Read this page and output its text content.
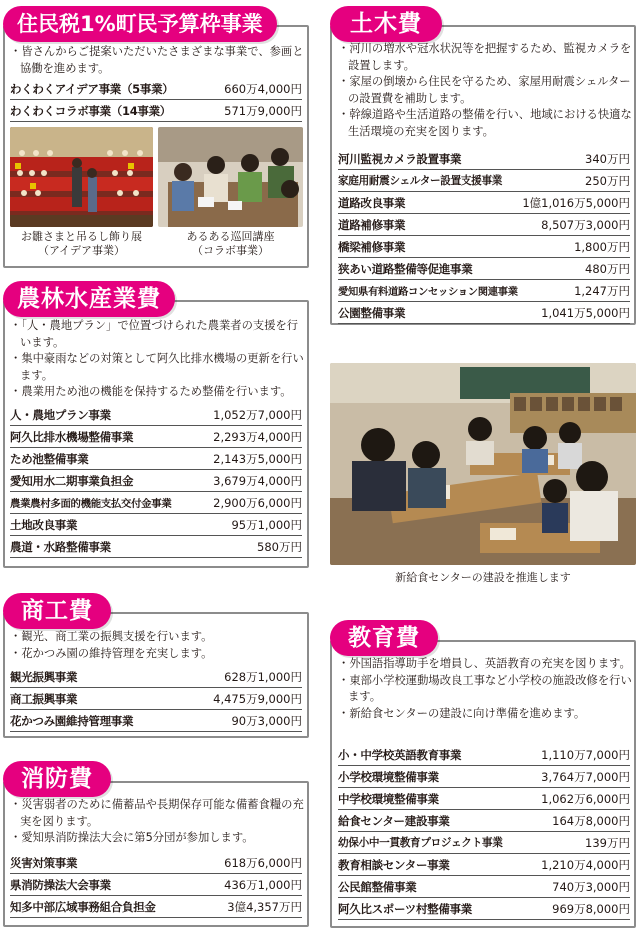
住民税1%町民予算枠事業
・ 皆さんからご提案いただいたさまざまな事業で、参画と協働を進めます。
わくわくアイデア事業（5事業）	660万4,000円
わくわくコラボ事業（14事業）	571万9,000円
お雛さまと吊るし飾り展
（アイデア事業）
あるある巡回講座
（コラボ事業）
土木費
・ 河川の増水や冠水状況等を把握するため、監視カメラを設置します。
・ 家屋の倒壊から住民を守るため、家屋用耐震シェルターの設置費を補助します。
・ 幹線道路や生活道路の整備を行い、地域における快適な生活環境の充実を図ります。
河川監視カメラ設置事業	340万円
家庭用耐震シェルター設置支援事業	250万円
道路改良事業	1億1,016万5,000円
道路補修事業	8,507万3,000円
橋梁補修事業	1,800万円
狭あい道路整備等促進事業	480万円
愛知県有料道路コンセッション関連事業	1,247万円
公園整備事業	1,041万5,000円
農林水産業費
・ 「人・農地プラン」で位置づけられた農業者の支援を行います。
・ 集中豪雨などの対策として阿久比排水機場の更新を行います。
・ 農業用ため池の機能を保持するため整備を行います。
人・農地プラン事業	1,052万7,000円
阿久比排水機場整備事業	2,293万4,000円
ため池整備事業	2,143万5,000円
愛知用水二期事業負担金	3,679万4,000円
農業農村多面的機能支払交付金事業	2,900万6,000円
土地改良事業	95万1,000円
農道・水路整備事業	580万円
新給食センターの建設を推進します
商工費
・ 観光、商工業の振興支援を行います。
・ 花かつみ園の維持管理を充実します。
観光振興事業	628万1,000円
商工振興事業	4,475万9,000円
花かつみ園維持管理事業	90万3,000円
教育費
・ 外国語指導助手を増員し、英語教育の充実を図ります。
・ 東部小学校運動場改良工事など小学校の施設改修を行います。
・ 新給食センターの建設に向け準備を進めます。
小・中学校英語教育事業	1,110万7,000円
小学校環境整備事業	3,764万7,000円
中学校環境整備事業	1,062万6,000円
給食センター建設事業	164万8,000円
幼保小中一貫教育プロジェクト事業	139万円
教育相談センター事業	1,210万4,000円
公民館整備事業	740万3,000円
阿久比スポーツ村整備事業	969万8,000円
消防費
・ 災害弱者のために備蓄品や長期保存可能な備蓄食糧の充実を図ります。
・ 愛知県消防操法大会に第5分団が参加します。
災害対策事業	618万6,000円
県消防操法大会事業	436万1,000円
知多中部広域事務組合負担金	3億4,357万円
